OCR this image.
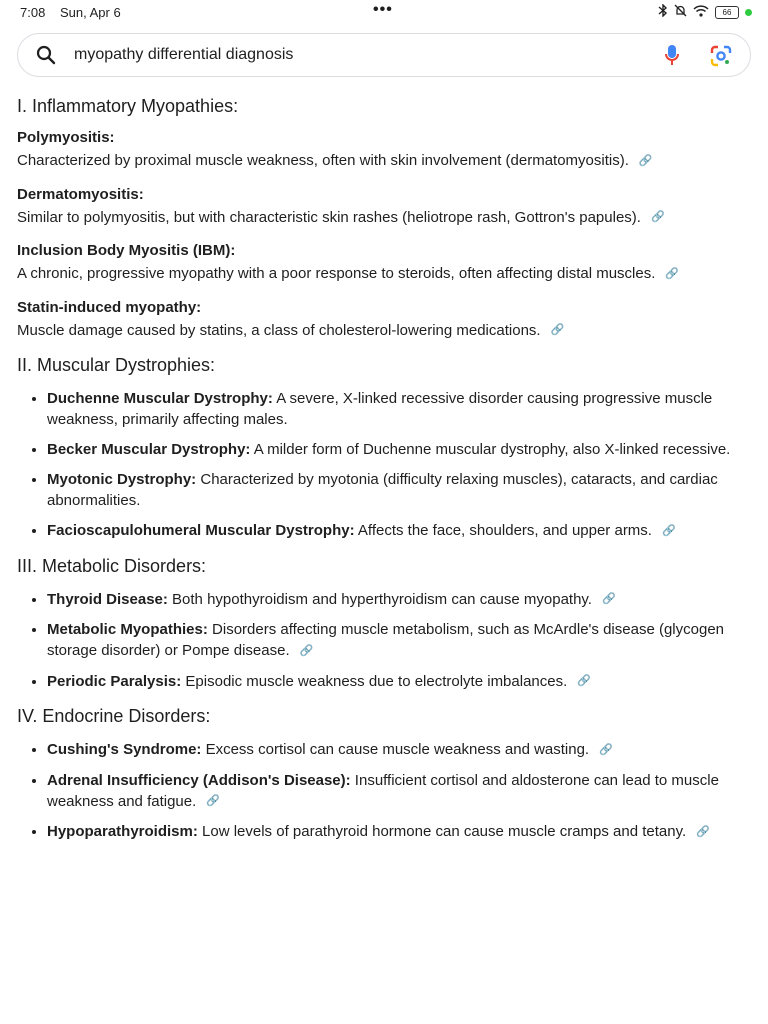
7:08 Sun, Apr 6	•••	66
myopathy differential diagnosis
I. Inflammatory Myopathies:
Polymyositis:
Characterized by proximal muscle weakness, often with skin involvement (dermatomyositis). 🔗
Dermatomyositis:
Similar to polymyositis, but with characteristic skin rashes (heliotrope rash, Gottron's papules). 🔗
Inclusion Body Myositis (IBM):
A chronic, progressive myopathy with a poor response to steroids, often affecting distal muscles. 🔗
Statin-induced myopathy:
Muscle damage caused by statins, a class of cholesterol-lowering medications. 🔗
II. Muscular Dystrophies:
• Duchenne Muscular Dystrophy: A severe, X-linked recessive disorder causing progressive muscle weakness, primarily affecting males.
• Becker Muscular Dystrophy: A milder form of Duchenne muscular dystrophy, also X-linked recessive.
• Myotonic Dystrophy: Characterized by myotonia (difficulty relaxing muscles), cataracts, and cardiac abnormalities.
• Facioscapulohumeral Muscular Dystrophy: Affects the face, shoulders, and upper arms. 🔗
III. Metabolic Disorders:
• Thyroid Disease: Both hypothyroidism and hyperthyroidism can cause myopathy. 🔗
• Metabolic Myopathies: Disorders affecting muscle metabolism, such as McArdle's disease (glycogen storage disorder) or Pompe disease. 🔗
• Periodic Paralysis: Episodic muscle weakness due to electrolyte imbalances. 🔗
IV. Endocrine Disorders:
• Cushing's Syndrome: Excess cortisol can cause muscle weakness and wasting. 🔗
• Adrenal Insufficiency (Addison's Disease): Insufficient cortisol and aldosterone can lead to muscle weakness and fatigue. 🔗
• Hypoparathyroidism: Low levels of parathyroid hormone can cause muscle cramps and tetany. 🔗
